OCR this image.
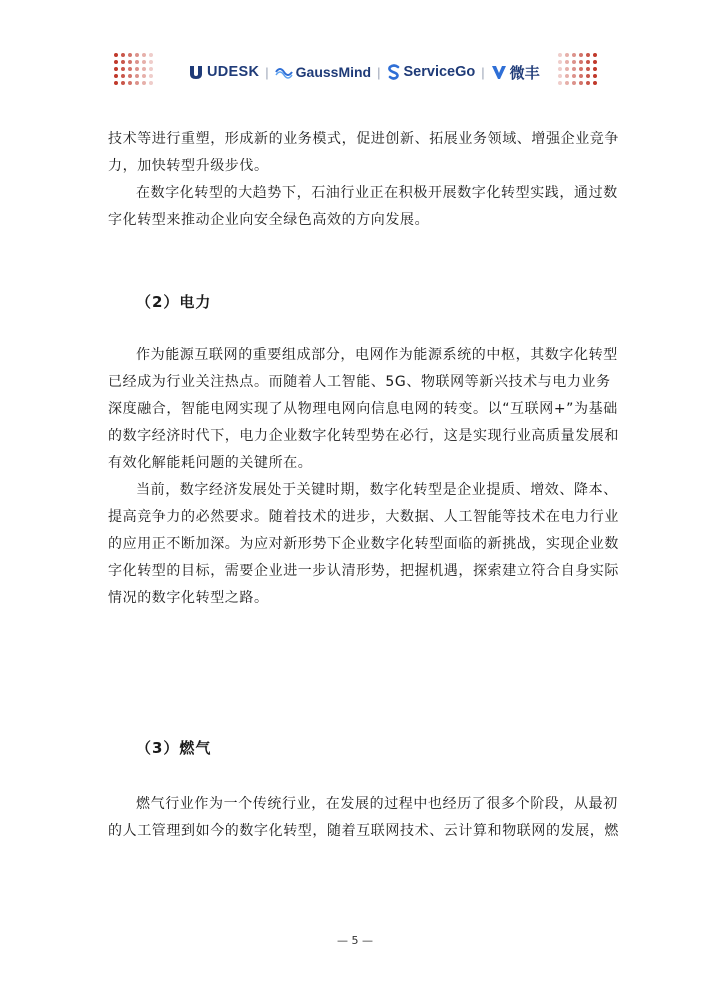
UDESK | GaussMind | ServiceGo | 微丰
技术等进行重塑，形成新的业务模式，促进创新、拓展业务领域、增强企业竞争
力，加快转型升级步伐。
在数字化转型的大趋势下，石油行业正在积极开展数字化转型实践，通过数
字化转型来推动企业向安全绿色高效的方向发展。
（2）电力
作为能源互联网的重要组成部分，电网作为能源系统的中枢，其数字化转型
已经成为行业关注热点。而随着人工智能、5G、物联网等新兴技术与电力业务
深度融合，智能电网实现了从物理电网向信息电网的转变。以“互联网+”为基础
的数字经济时代下，电力企业数字化转型势在必行，这是实现行业高质量发展和
有效化解能耗问题的关键所在。
当前，数字经济发展处于关键时期，数字化转型是企业提质、增效、降本、
提高竞争力的必然要求。随着技术的进步，大数据、人工智能等技术在电力行业
的应用正不断加深。为应对新形势下企业数字化转型面临的新挑战，实现企业数
字化转型的目标，需要企业进一步认清形势，把握机遇，探索建立符合自身实际
情况的数字化转型之路。
（3）燃气
燃气行业作为一个传统行业，在发展的过程中也经历了很多个阶段，从最初
的人工管理到如今的数字化转型，随着互联网技术、云计算和物联网的发展，燃
— 5 —
